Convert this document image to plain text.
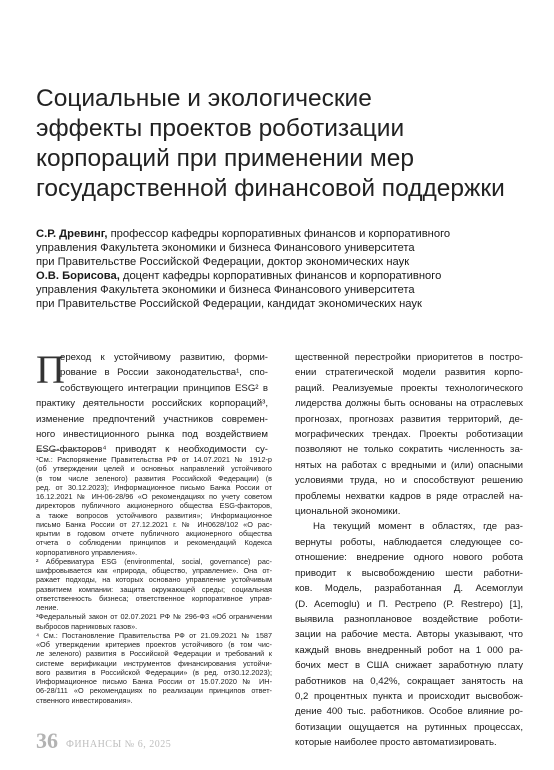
Социальные и экологические
эффекты проектов роботизации
корпораций при применении мер
государственной финансовой поддержки
С.Р. Древинг, профессор кафедры корпоративных финансов и корпоративного
управления Факультета экономики и бизнеса Финансового университета
при Правительстве Российской Федерации, доктор экономических наук
О.В. Борисова, доцент кафедры корпоративных финансов и корпоративного
управления Факультета экономики и бизнеса Финансового университета
при Правительстве Российской Федерации, кандидат экономических наук
П
ереход к устойчивому развитию, форми-
рование в России законодательства¹, спо-
собствующего интеграции принципов ESG² в
практику деятельности российских корпораций³,
изменение предпочтений участников современ-
ного инвестиционного рынка под воздействием
ESG-факторов⁴ приводят к необходимости су-
¹См.: Распоряжение Правительства РФ от 14.07.2021 № 1912-р
(об утверждении целей и основных направлений устойчивого
(в том числе зеленого) развития Российской Федерации) (в
ред. от 30.12.2023); Информационное письмо Банка России от
16.12.2021 № ИН-06-28/96 «О рекомендациях по учету советом
директоров публичного акционерного общества ESG-факторов,
а также вопросов устойчивого развития»; Информационное
письмо Банка России от 27.12.2021 г. № ИН0628/102 «О рас-
крытии в годовом отчете публичного акционерного общества
отчета о соблюдении принципов и рекомендаций Кодекса
корпоративного управления».
² Аббревиатура ESG (environmental, social, governance) рас-
шифровывается как «природа, общество, управление». Она от-
ражает подходы, на которых основано управление устойчивым
развитием компании: защита окружающей среды; социальная
ответственность бизнеса; ответственное корпоративное управ-
ление.
³Федеральный закон от 02.07.2021 РФ № 296-ФЗ «Об ограничении
выбросов парниковых газов».
⁴ См.: Постановление Правительства РФ от 21.09.2021 № 1587
«Об утверждении критериев проектов устойчивого (в том чис-
ле зеленого) развития в Российской Федерации и требований к
системе верификации инструментов финансирования устойчи-
вого развития в Российской Федерации» (в ред. от30.12.2023);
Информационное письмо Банка России от 15.07.2020 № ИН-
06-28/111 «О рекомендациях по реализации принципов ответ-
ственного инвестирования».
щественной перестройки приоритетов в постро-
ении стратегической модели развития корпо-
раций. Реализуемые проекты технологического
лидерства должны быть основаны на отраслевых
прогнозах, прогнозах развития территорий, де-
мографических трендах. Проекты роботизации
позволяют не только сократить численность за-
нятых на работах с вредными и (или) опасными
условиями труда, но и способствуют решению
проблемы нехватки кадров в ряде отраслей на-
циональной экономики.
На текущий момент в областях, где раз-
вернуты роботы, наблюдается следующее со-
отношение: внедрение одного нового робота
приводит к высвобождению шести работни-
ков. Модель, разработанная Д. Асемоглуи
(D. Acemoglu) и П. Рестрепо (P. Restrepo) [1],
выявила разноплановое воздействие роботи-
зации на рабочие места. Авторы указывают, что
каждый вновь внедренный робот на 1 000 ра-
бочих мест в США снижает заработную плату
работников на 0,42%, сокращает занятость на
0,2 процентных пункта и происходит высвобож-
дение 400 тыс. работников. Особое влияние ро-
ботизации ощущается на рутинных процессах,
которые наиболее просто автоматизировать.
36 ФИНАНСЫ № 6, 2025
